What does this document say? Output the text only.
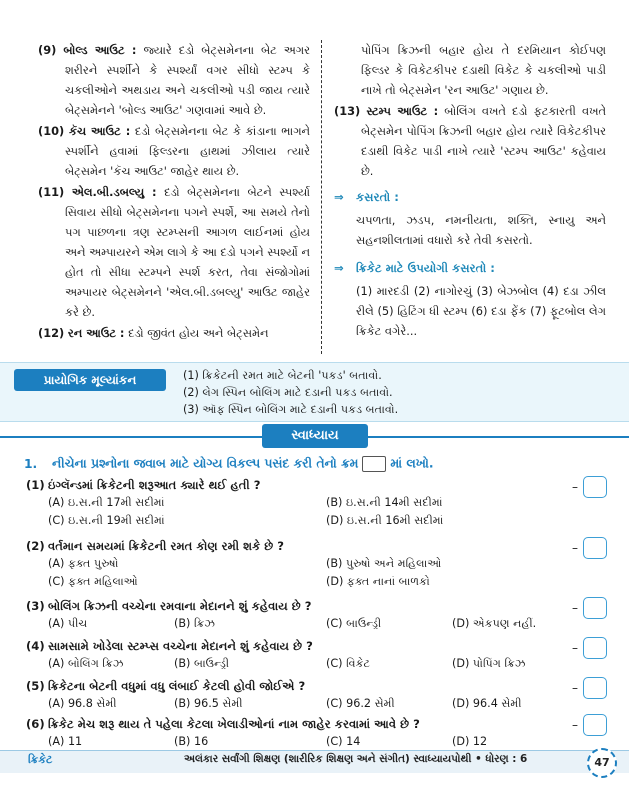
(9) બોલ્ડ આઉટ : જ્યારે દડો બેટ્સમેનના બેટ અગર શરીરને સ્પર્શીને કે સ્પર્શ્યાં વગર સીધો સ્ટમ્પ કે ચકલીઓને અથડાય અને ચકલીઓ પડી જાય ત્યારે બેટ્સમેનને 'બોલ્ડ આઉટ' ગણવામાં આવે છે.
(10) કૅચ આઉટ : દડો બેટ્સમેનના બેટ કે કાંડાના ભાગને સ્પર્શીને હવામાં ફિલ્ડરના હાથમાં ઝીલાય ત્યારે બેટ્સમેન 'કૅચ આઉટ' જાહેર થાય છે.
(11) એલ.બી.ડબલ્યુ : દડો બેટ્સમેનના બેટને સ્પર્શ્યા સિવાય સીધો બેટ્સમેનના પગને સ્પર્શે, આ સમયે તેનો પગ પાછળના ત્રણ સ્ટમ્પ્સની આગળ લાઈનમાં હોય અને અમ્પાયરને એમ લાગે કે આ દડો પગને સ્પર્શ્યો ન હોત તો સીધા સ્ટમ્પને સ્પર્શ કરત, તેવા સંજોગોમાં અમ્પાયર બેટ્સમેનને 'એલ.બી.ડબલ્યુ' આઉટ જાહેર કરે છે.
(12) રન આઉટ : દડો જીવંત હોય અને બેટ્સમેન
પોપિંગ ક્રિઝની બહાર હોય તે દરમિયાન કોઈપણ ફિલ્ડર કે વિકેટકીપર દડાથી વિકેટ કે ચકલીઓ પાડી નાખે તો બેટ્સમેન 'રન આઉટ' ગણાય છે.
(13) સ્ટમ્પ આઉટ : બોલિંગ વખતે દડો ફટકારતી વખતે બેટ્સમેન પોપિંગ ક્રિઝની બહાર હોય ત્યારે વિકેટકીપર દડાથી વિકેટ પાડી નાખે ત્યારે 'સ્ટમ્પ આઉટ' કહેવાય છે.
⇒ કસરતો :
ચપળતા, ઝડપ, નમનીયતા, શક્તિ, સ્નાયુ અને સહનશીલતામાં વધારો કરે તેવી કસરતો.
⇒ ક્રિકેટ માટે ઉપયોગી કસરતો :
(1) મારદડી (2) નાગોરચું (3) બેઝબોલ (4) દડા ઝીલ રીલે (5) હિટિંગ ધી સ્ટમ્પ (6) દડા ફેંક (7) ફૂટબોલ લેગ ક્રિકેટ વગેરે...
પ્રાયોગિક મૂલ્યાંકન	(1) ક્રિકેટની રમત માટે બેટની 'પકડ' બતાવો.
(2) લેગ સ્પિન બોલિંગ માટે દડાની પકડ બતાવો.
(3) ઑફ સ્પિન બોલિંગ માટે દડાની પકડ બતાવો.
સ્વાધ્યાય
1. નીચેના પ્રશ્નોના જવાબ માટે યોગ્ય વિકલ્પ પસંદ કરી તેનો ક્રમ	માં લખો.
(1) ઇંગ્લૅન્ડમાં ક્રિકેટની શરૂઆત ક્યારે થઈ હતી ?
(A) ઇ.સ.ની 17મી સદીમાં	(B) ઇ.સ.ની 14મી સદીમાં
(C) ઇ.સ.ની 19મી સદીમાં	(D) ઇ.સ.ની 16મી સદીમાં
–
(2) વર્તમાન સમયમાં ક્રિકેટની રમત કોણ રમી શકે છે ?
(A) ફક્ત પુરુષો	(B) પુરુષો અને મહિલાઓ
(C) ફક્ત મહિલાઓ	(D) ફક્ત નાનાં બાળકો
–
(3) બોલિંગ ક્રિઝની વચ્ચેના રમવાના મેદાનને શું કહેવાય છે ?
(A) પીચ	(B) ક્રિઝ	(C) બાઉન્ડ્રી	(D) એકપણ નહીં.
–
(4) સામસામે ખોડેલા સ્ટમ્પ્સ વચ્ચેના મેદાનને શું કહેવાય છે ?
(A) બોલિંગ ક્રિઝ	(B) બાઉન્ડ્રી	(C) વિકેટ	(D) પોપિંગ ક્રિઝ
–
(5) ક્રિકેટના બેટની વધુમાં વધુ લંબાઈ કેટલી હોવી જોઈએ ?
(A) 96.8 સેમી	(B) 96.5 સેમી	(C) 96.2 સેમી	(D) 96.4 સેમી
–
(6) ક્રિકેટ મેચ શરૂ થાય તે પહેલા કેટલા ખેલાડીઓનાં નામ જાહેર કરવામાં આવે છે ?
(A) 11	(B) 16	(C) 14	(D) 12
–
ક્રિકેટ	અલંકાર સર્વાંગી શિક્ષણ (શારીરિક શિક્ષણ અને સંગીત) સ્વાધ્યાયપોથી • ધોરણ : 6	47
